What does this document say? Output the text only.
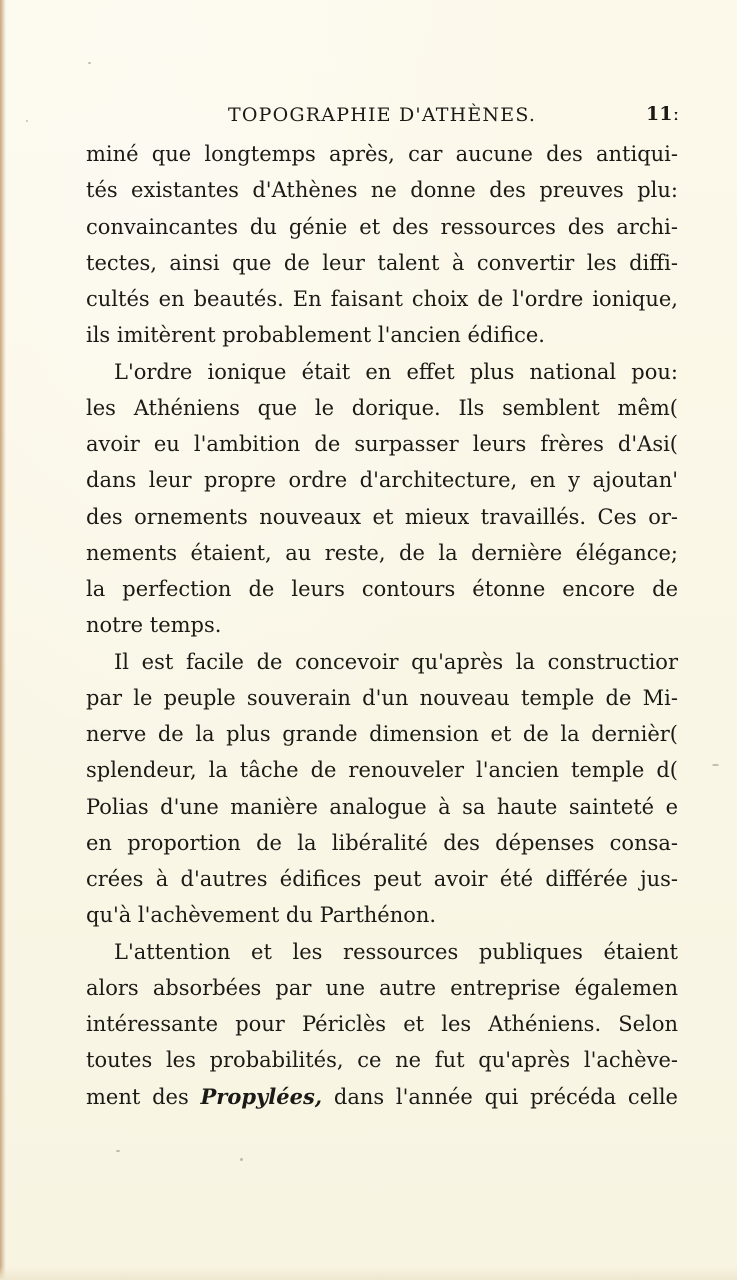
TOPOGRAPHIE D'ATHÈNES.	11ː
miné que longtemps après, car aucune des antiqui-
tés existantes d'Athènes ne donne des preuves plu:
convaincantes du génie et des ressources des archi-
tectes, ainsi que de leur talent à convertir les diffi-
cultés en beautés. En faisant choix de l'ordre ionique,
ils imitèrent probablement l'ancien édifice.
L'ordre ionique était en effet plus national pou:
les Athéniens que le dorique. Ils semblent mêm(
avoir eu l'ambition de surpasser leurs frères d'Asi(
dans leur propre ordre d'architecture, en y ajoutan'
des ornements nouveaux et mieux travaillés. Ces or-
nements étaient, au reste, de la dernière élégance;
la perfection de leurs contours étonne encore de
notre temps.
Il est facile de concevoir qu'après la constructior
par le peuple souverain d'un nouveau temple de Mi-
nerve de la plus grande dimension et de la dernièr(
splendeur, la tâche de renouveler l'ancien temple d(
Polias d'une manière analogue à sa haute sainteté e
en proportion de la libéralité des dépenses consa-
crées à d'autres édifices peut avoir été différée jus-
qu'à l'achèvement du Parthénon.
L'attention et les ressources publiques étaient
alors absorbées par une autre entreprise égalemen
intéressante pour Périclès et les Athéniens. Selon
toutes les probabilités, ce ne fut qu'après l'achève-
ment des Propylées, dans l'année qui précéda celle
